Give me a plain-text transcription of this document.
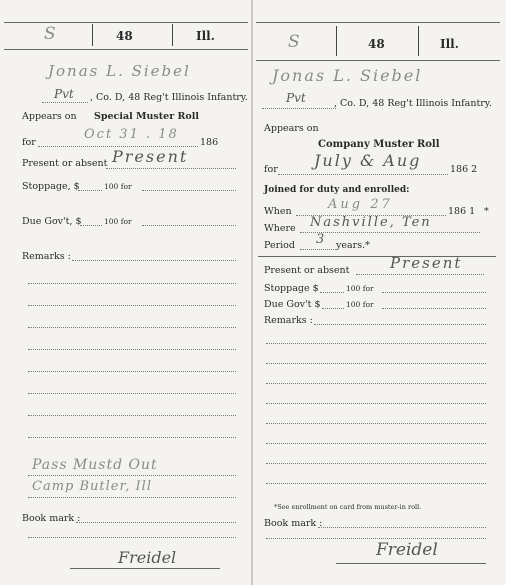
S	48	Ill.
Jonas L. Siebel
Pvt , Co. D, 48 Reg't Illinois Infantry.
Appears on Special Muster Roll
for
Oct 31 . 18
186
Present or absent Present
Stoppage, $	100 for
Due Gov't, $	100 for
Remarks :
Pass Mustd Out
Camp Butler, Ill
Book mark :
Freidel
S	48	Ill.
Jonas L. Siebel
Pvt	, Co. D, 48 Reg't Illinois Infantry.
Appears on
Company Muster Roll
for July & Aug	186 2
Joined for duty and enrolled:
When	Aug 27	186 1 *
Where Nashville, Ten
Period 3 years.*
Present or absent	Present
Stoppage $	100 for
Due Gov't $	100 for
Remarks :
*See enrollment on card from muster-in roll.
Book mark :
Freidel
